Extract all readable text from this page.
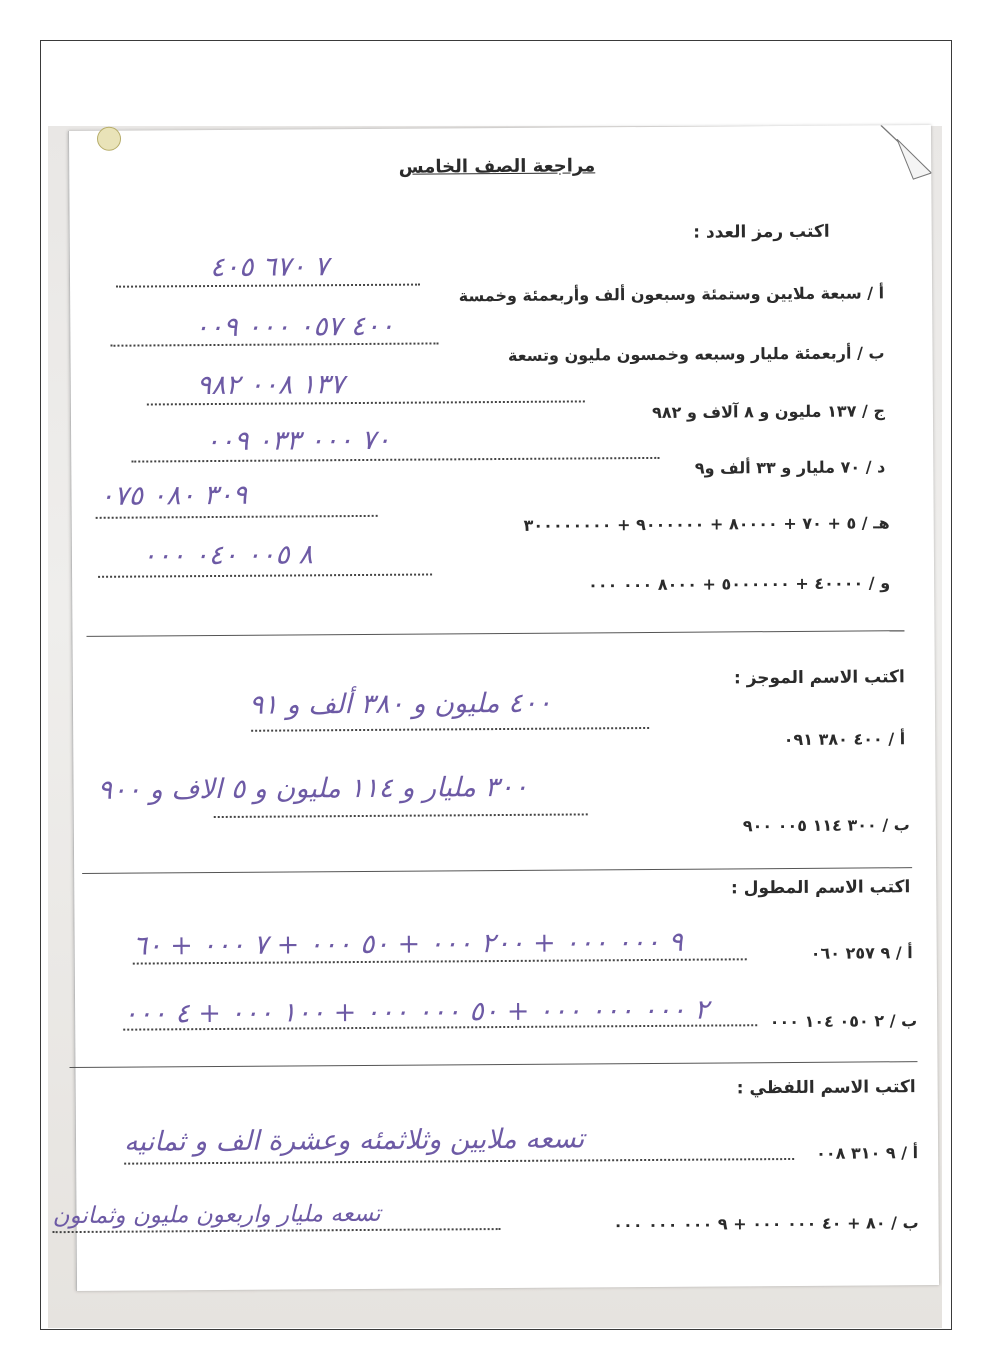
مراجعة الصف الخامس
اكتب رمز العدد :
أ / سبعة ملايين وستمئة وسبعون ألف وأربعمئة وخمسة
٧ ٦٧٠ ٤٠٥
ب / أربعمئة مليار وسبعه وخمسون مليون وتسعة
٤٠٠ ٠٥٧ ٠٠٠ ٠٠٩
ج / ١٣٧ مليون و ٨ آلاف و ٩٨٢
١٣٧ ٠٠٨ ٩٨٢
د / ٧٠ مليار و ٣٣ ألف و٩
٧٠ ٠٠٠ ٠٣٣ ٠٠٩
هـ / ٥ + ٧٠ + ٨٠٠٠٠ + ٩٠٠٠٠٠٠ + ٣٠٠٠٠٠٠٠٠
٣٠٩ ٠٨٠ ٠٧٥
و / ٤٠٠٠٠ + ٥٠٠٠٠٠٠ + ٨٠٠٠ ٠٠٠ ٠٠٠
٨ ٠٠٥ ٠٤٠ ٠٠٠
اكتب الاسم الموجز :
أ / ٤٠٠ ٣٨٠ ٠٩١
٤٠٠ مليون و ٣٨٠ ألف و ٩١
ب / ٣٠٠ ١١٤ ٠٠٥ ٩٠٠
٣٠٠ مليار و ١١٤ مليون و ٥ الاف و ٩٠٠
اكتب الاسم المطول :
أ / ٩ ٢٥٧ ٠٦٠
٩ ٠٠٠ ٠٠٠ + ٢٠٠ ٠٠٠ + ٥٠ ٠٠٠ + ٧ ٠٠٠ + ٦٠
ب / ٢ ٠٥٠ ١٠٤ ٠٠٠
٢ ٠٠٠ ٠٠٠ ٠٠٠ + ٥٠ ٠٠٠ ٠٠٠ + ١٠٠ ٠٠٠ + ٤ ٠٠٠
اكتب الاسم اللفظي :
أ / ٩ ٣١٠ ٠٠٨
تسعه ملايين وثلاثمئه وعشرة الف و ثمانيه
ب / ٨٠ + ٤٠ ٠٠٠ ٠٠٠ + ٩ ٠٠٠ ٠٠٠ ٠٠٠
تسعه مليار واربعون مليون وثمانون
